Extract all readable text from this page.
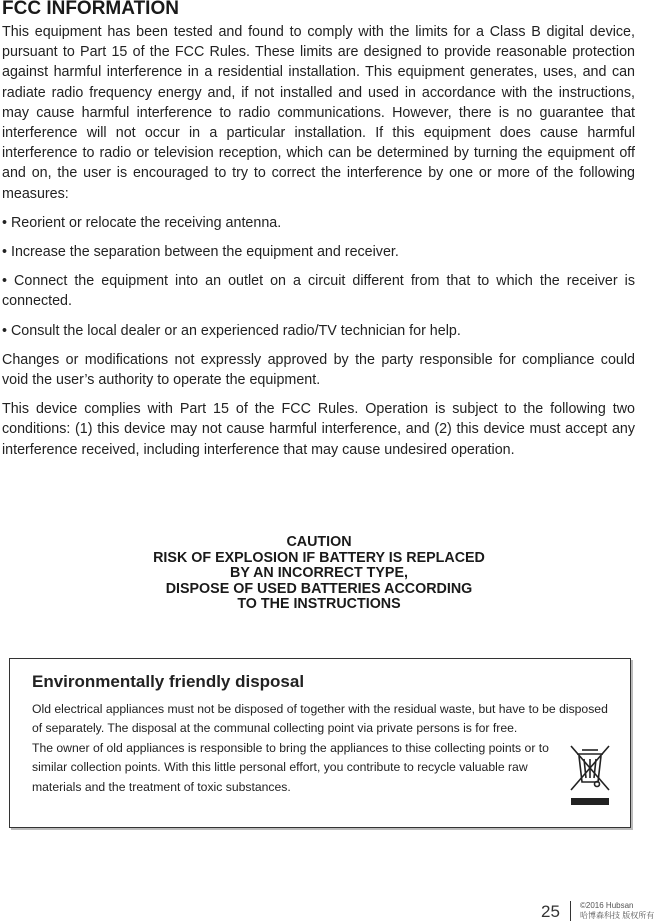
FCC INFORMATION

This equipment has been tested and found to comply with the limits for a Class B digital device, pursuant to Part 15 of the FCC Rules. These limits are designed to provide reasonable protection against harmful interference in a residential installation. This equipment generates, uses, and can radiate radio frequency energy and, if not installed and used in accordance with the instructions, may cause harmful interference to radio communications. However, there is no guarantee that interference will not occur in a particular installation. If this equipment does cause harmful interference to radio or television reception, which can be determined by turning the equipment off and on, the user is encouraged to try to correct the interference by one or more of the following measures:

• Reorient or relocate the receiving antenna.

• Increase the separation between the equipment and receiver.

• Connect the equipment into an outlet on a circuit different from that to which the receiver is connected.

• Consult the local dealer or an experienced radio/TV technician for help.

Changes or modifications not expressly approved by the party responsible for compliance could void the user’s authority to operate the equipment.

This device complies with Part 15 of the FCC Rules. Operation is subject to the following two conditions: (1) this device may not cause harmful interference, and (2) this device must accept any interference received, including interference that may cause undesired operation.

CAUTION
RISK OF EXPLOSION IF BATTERY IS REPLACED
BY AN INCORRECT TYPE,
DISPOSE OF USED BATTERIES ACCORDING
TO THE INSTRUCTIONS
Environmentally friendly disposal

Old electrical appliances must not be disposed of together with the residual waste, but have to be disposed of separately. The disposal at the communal collecting point via private persons is for free.

The owner of old appliances is responsible to bring the appliances to thise collecting points or to similar collection points. With this little personal effort, you contribute to recycle valuable raw materials and the treatment of toxic substances.

25	©2016 Hubsan
哈博森科技 版权所有
